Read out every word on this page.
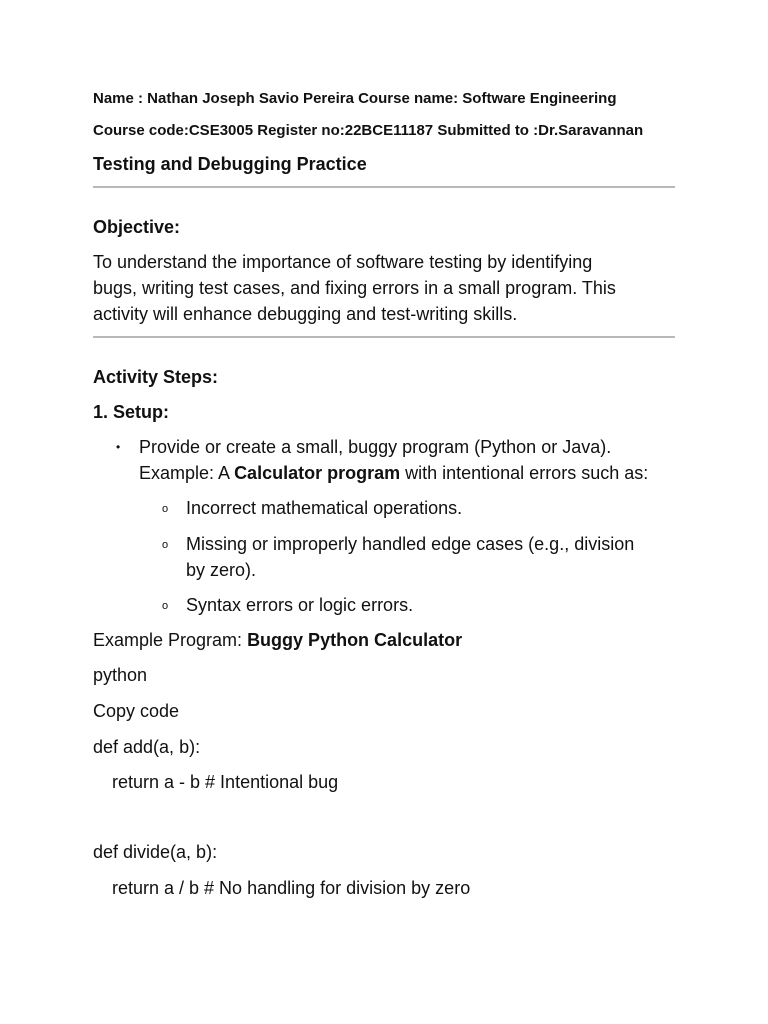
Name : Nathan Joseph Savio Pereira Course name: Software Engineering
Course code:CSE3005 Register no:22BCE11187 Submitted to :Dr.Saravannan
Testing and Debugging Practice
Objective:
To understand the importance of software testing by identifying
bugs, writing test cases, and fixing errors in a small program. This
activity will enhance debugging and test-writing skills.
Activity Steps:
1. Setup:
• Provide or create a small, buggy program (Python or Java).
Example: A Calculator program with intentional errors such as:
o Incorrect mathematical operations.
o Missing or improperly handled edge cases (e.g., division
by zero).
o Syntax errors or logic errors.
Example Program: Buggy Python Calculator
python
Copy code
def add(a, b):
return a - b # Intentional bug
def divide(a, b):
return a / b # No handling for division by zero
